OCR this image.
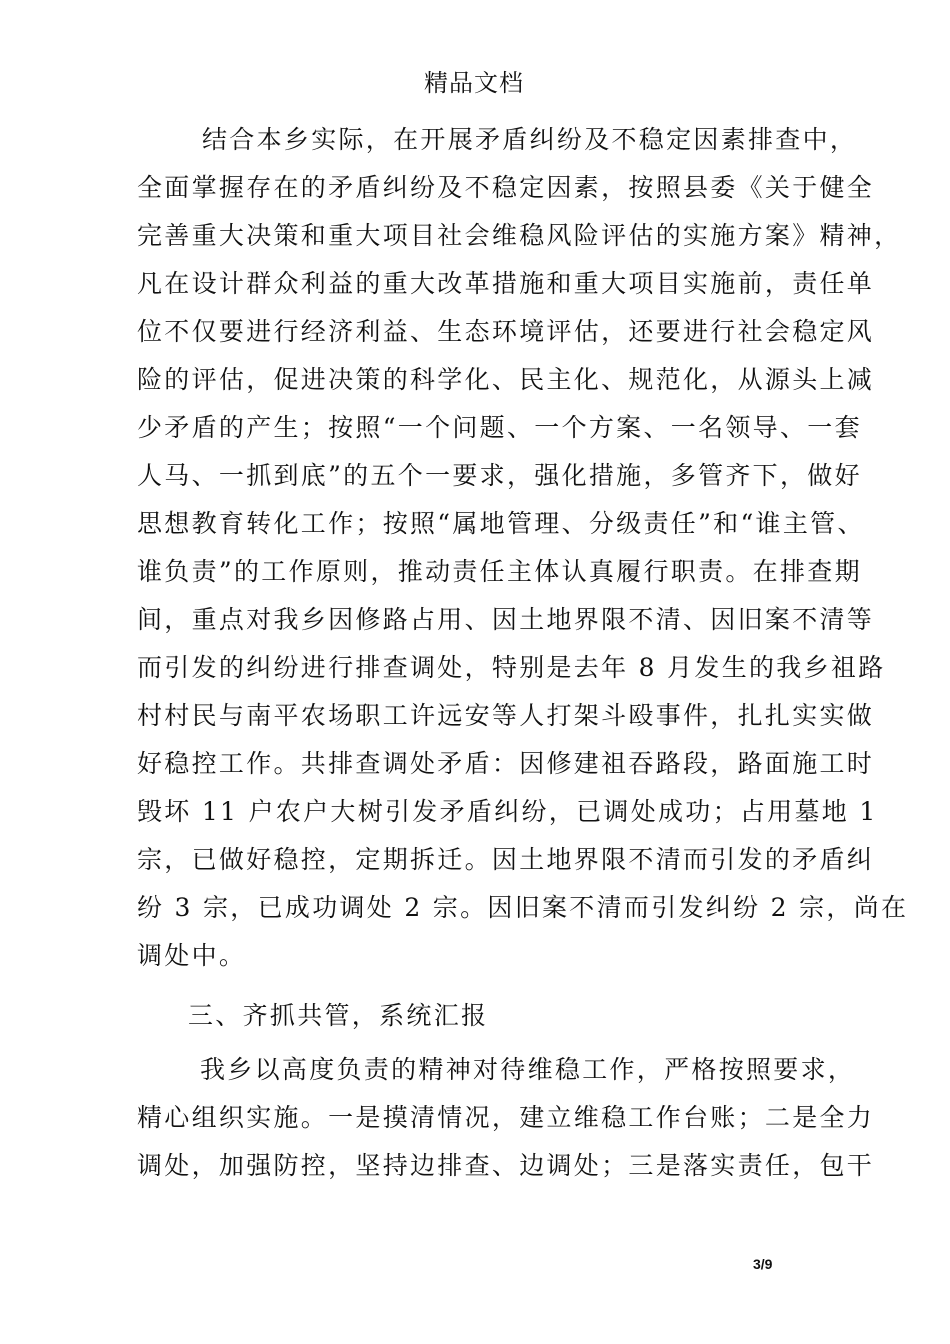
精品文档
结合本乡实际，在开展矛盾纠纷及不稳定因素排查中，
全面掌握存在的矛盾纠纷及不稳定因素，按照县委《关于健全
完善重大决策和重大项目社会维稳风险评估的实施方案》精神，
凡在设计群众利益的重大改革措施和重大项目实施前，责任单
位不仅要进行经济利益、生态环境评估，还要进行社会稳定风
险的评估，促进决策的科学化、民主化、规范化，从源头上减
少矛盾的产生；按照“一个问题、一个方案、一名领导、一套
人马、一抓到底”的五个一要求，强化措施，多管齐下，做好
思想教育转化工作；按照“属地管理、分级责任”和“谁主管、
谁负责”的工作原则，推动责任主体认真履行职责。在排查期
间，重点对我乡因修路占用、因土地界限不清、因旧案不清等
而引发的纠纷进行排查调处，特别是去年 8 月发生的我乡祖路
村村民与南平农场职工许远安等人打架斗殴事件，扎扎实实做
好稳控工作。共排查调处矛盾：因修建祖吞路段，路面施工时
毁坏 11 户农户大树引发矛盾纠纷，已调处成功；占用墓地 1
宗，已做好稳控，定期拆迁。因土地界限不清而引发的矛盾纠
纷 3 宗，已成功调处 2 宗。因旧案不清而引发纠纷 2 宗，尚在
调处中。
三、齐抓共管，系统汇报
我乡以高度负责的精神对待维稳工作，严格按照要求，
精心组织实施。一是摸清情况，建立维稳工作台账；二是全力
调处，加强防控，坚持边排查、边调处；三是落实责任，包干
3/9
